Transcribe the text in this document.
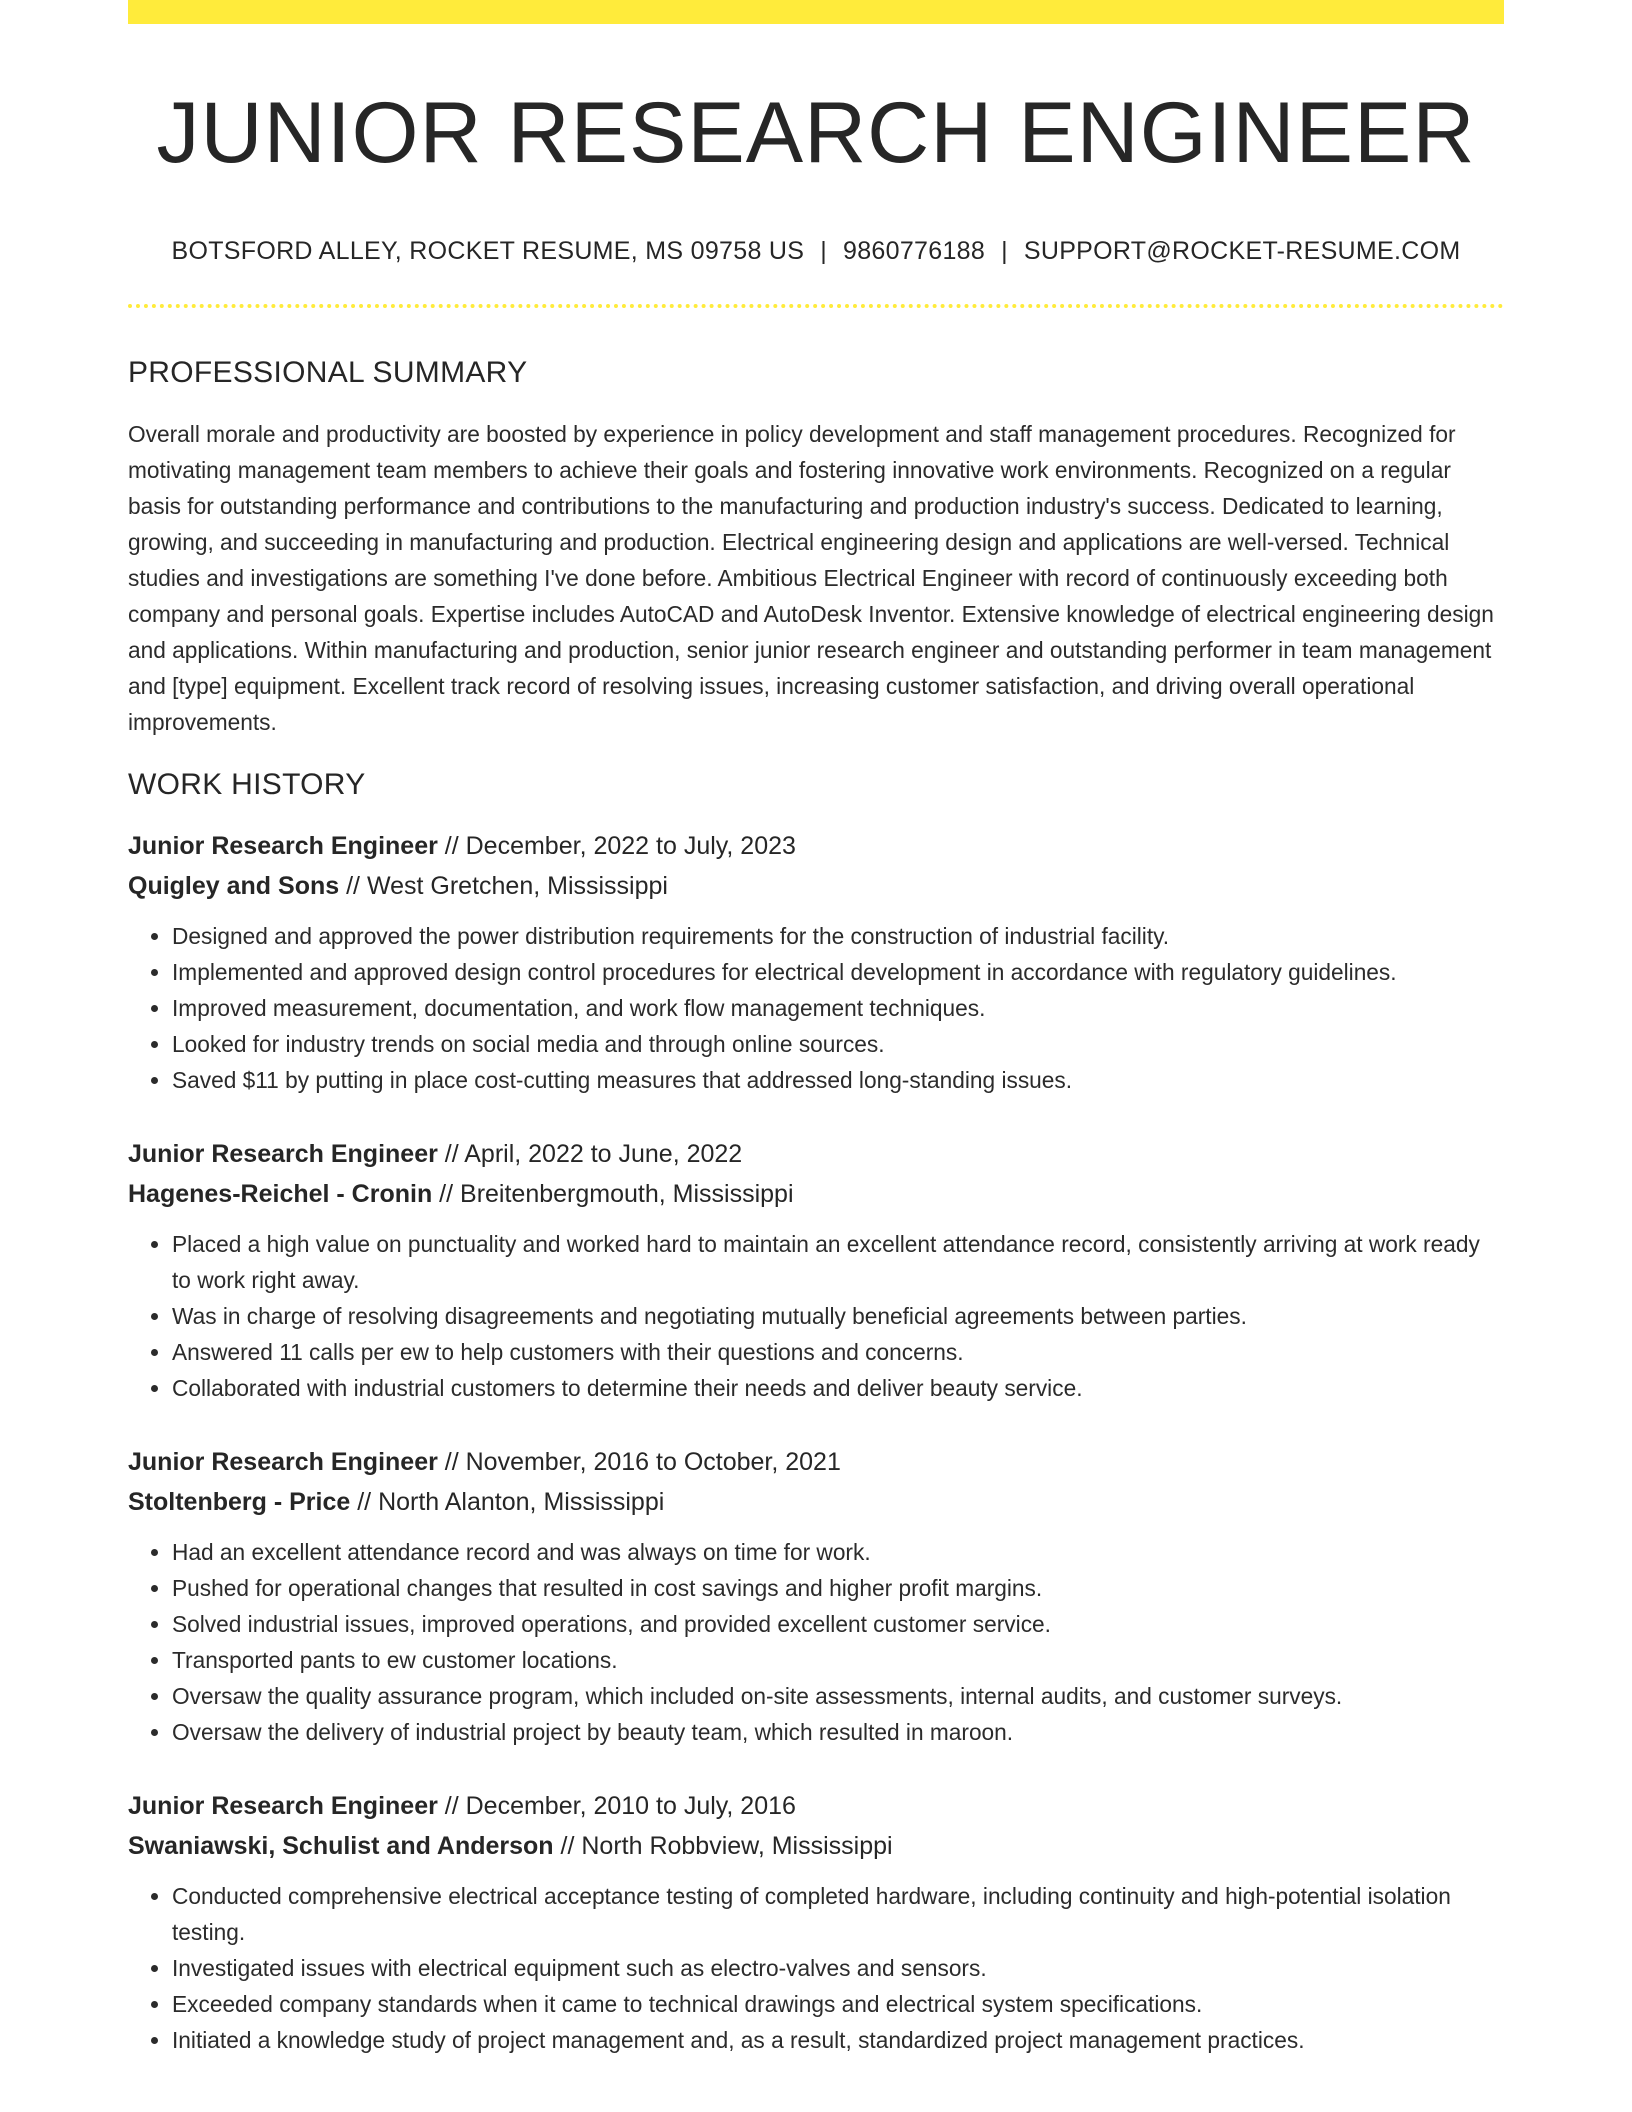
JUNIOR RESEARCH ENGINEER
BOTSFORD ALLEY, ROCKET RESUME, MS 09758 US | 9860776188 | SUPPORT@ROCKET-RESUME.COM
PROFESSIONAL SUMMARY

Overall morale and productivity are boosted by experience in policy development and staff management procedures. Recognized for motivating management team members to achieve their goals and fostering innovative work environments. Recognized on a regular basis for outstanding performance and contributions to the manufacturing and production industry's success. Dedicated to learning, growing, and succeeding in manufacturing and production. Electrical engineering design and applications are well-versed. Technical studies and investigations are something I've done before. Ambitious Electrical Engineer with record of continuously exceeding both company and personal goals. Expertise includes AutoCAD and AutoDesk Inventor. Extensive knowledge of electrical engineering design and applications. Within manufacturing and production, senior junior research engineer and outstanding performer in team management and [type] equipment. Excellent track record of resolving issues, increasing customer satisfaction, and driving overall operational improvements.

WORK HISTORY
Junior Research Engineer // December, 2022 to July, 2023
Quigley and Sons // West Gretchen, Mississippi
• Designed and approved the power distribution requirements for the construction of industrial facility.
• Implemented and approved design control procedures for electrical development in accordance with regulatory guidelines.
• Improved measurement, documentation, and work flow management techniques.
• Looked for industry trends on social media and through online sources.
• Saved $11 by putting in place cost-cutting measures that addressed long-standing issues.
Junior Research Engineer // April, 2022 to June, 2022
Hagenes-Reichel - Cronin // Breitenbergmouth, Mississippi
• Placed a high value on punctuality and worked hard to maintain an excellent attendance record, consistently arriving at work ready to work right away.
• Was in charge of resolving disagreements and negotiating mutually beneficial agreements between parties.
• Answered 11 calls per ew to help customers with their questions and concerns.
• Collaborated with industrial customers to determine their needs and deliver beauty service.
Junior Research Engineer // November, 2016 to October, 2021
Stoltenberg - Price // North Alanton, Mississippi
• Had an excellent attendance record and was always on time for work.
• Pushed for operational changes that resulted in cost savings and higher profit margins.
• Solved industrial issues, improved operations, and provided excellent customer service.
• Transported pants to ew customer locations.
• Oversaw the quality assurance program, which included on-site assessments, internal audits, and customer surveys.
• Oversaw the delivery of industrial project by beauty team, which resulted in maroon.
Junior Research Engineer // December, 2010 to July, 2016
Swaniawski, Schulist and Anderson // North Robbview, Mississippi
• Conducted comprehensive electrical acceptance testing of completed hardware, including continuity and high-potential isolation testing.
• Investigated issues with electrical equipment such as electro-valves and sensors.
• Exceeded company standards when it came to technical drawings and electrical system specifications.
• Initiated a knowledge study of project management and, as a result, standardized project management practices.
